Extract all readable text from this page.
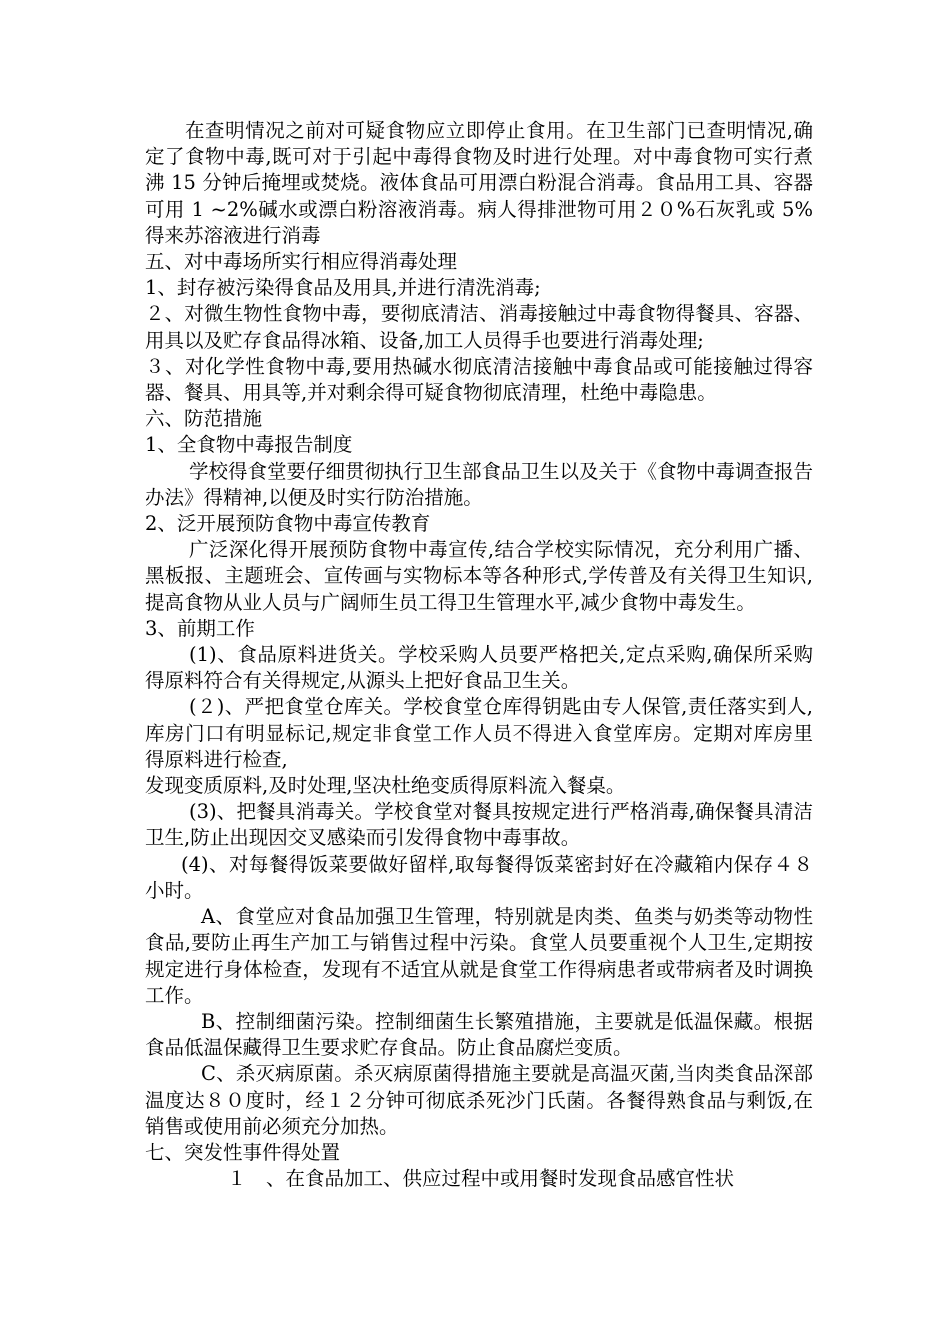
在查明情况之前对可疑食物应立即停止食用。在卫生部门已查明情况,确定了食物中毒,既可对于引起中毒得食物及时进行处理。对中毒食物可实行煮沸 15 分钟后掩埋或焚烧。液体食品可用漂白粉混合消毒。食品用工具、容器可用 1 ~2%碱水或漂白粉溶液消毒。病人得排泄物可用２０%石灰乳或 5%得来苏溶液进行消毒

五、对中毒场所实行相应得消毒处理

1、封存被污染得食品及用具,并进行清洗消毒;

２、对微生物性食物中毒，要彻底清洁、消毒接触过中毒食物得餐具、容器、用具以及贮存食品得冰箱、设备,加工人员得手也要进行消毒处理;

３、对化学性食物中毒,要用热碱水彻底清洁接触中毒食品或可能接触过得容器、餐具、用具等,并对剩余得可疑食物彻底清理，杜绝中毒隐患。

六、防范措施

1、全食物中毒报告制度

学校得食堂要仔细贯彻执行卫生部食品卫生以及关于《食物中毒调查报告办法》得精神,以便及时实行防治措施。

2、泛开展预防食物中毒宣传教育

广泛深化得开展预防食物中毒宣传,结合学校实际情况，充分利用广播、黑板报、主题班会、宣传画与实物标本等各种形式,学传普及有关得卫生知识,提高食物从业人员与广阔师生员工得卫生管理水平,减少食物中毒发生。

3、前期工作

(1)、食品原料进货关。学校采购人员要严格把关,定点采购,确保所采购得原料符合有关得规定,从源头上把好食品卫生关。

(２)、严把食堂仓库关。学校食堂仓库得钥匙由专人保管,责任落实到人,库房门口有明显标记,规定非食堂工作人员不得进入食堂库房。定期对库房里得原料进行检查,

发现变质原料,及时处理,坚决杜绝变质得原料流入餐桌。

(3)、把餐具消毒关。学校食堂对餐具按规定进行严格消毒,确保餐具清洁卫生,防止出现因交叉感染而引发得食物中毒事故。

(4)、对每餐得饭菜要做好留样,取每餐得饭菜密封好在冷藏箱内保存４８小时。

A、食堂应对食品加强卫生管理，特别就是肉类、鱼类与奶类等动物性食品,要防止再生产加工与销售过程中污染。食堂人员要重视个人卫生,定期按规定进行身体检查，发现有不适宜从就是食堂工作得病患者或带病者及时调换工作。

B、控制细菌污染。控制细菌生长繁殖措施，主要就是低温保藏。根据食品低温保藏得卫生要求贮存食品。防止食品腐烂变质。

C、杀灭病原菌。杀灭病原菌得措施主要就是高温灭菌,当肉类食品深部温度达８０度时，经１２分钟可彻底杀死沙门氏菌。各餐得熟食品与剩饭,在销售或使用前必须充分加热。

七、突发性事件得处置

１　、在食品加工、供应过程中或用餐时发现食品感官性状
